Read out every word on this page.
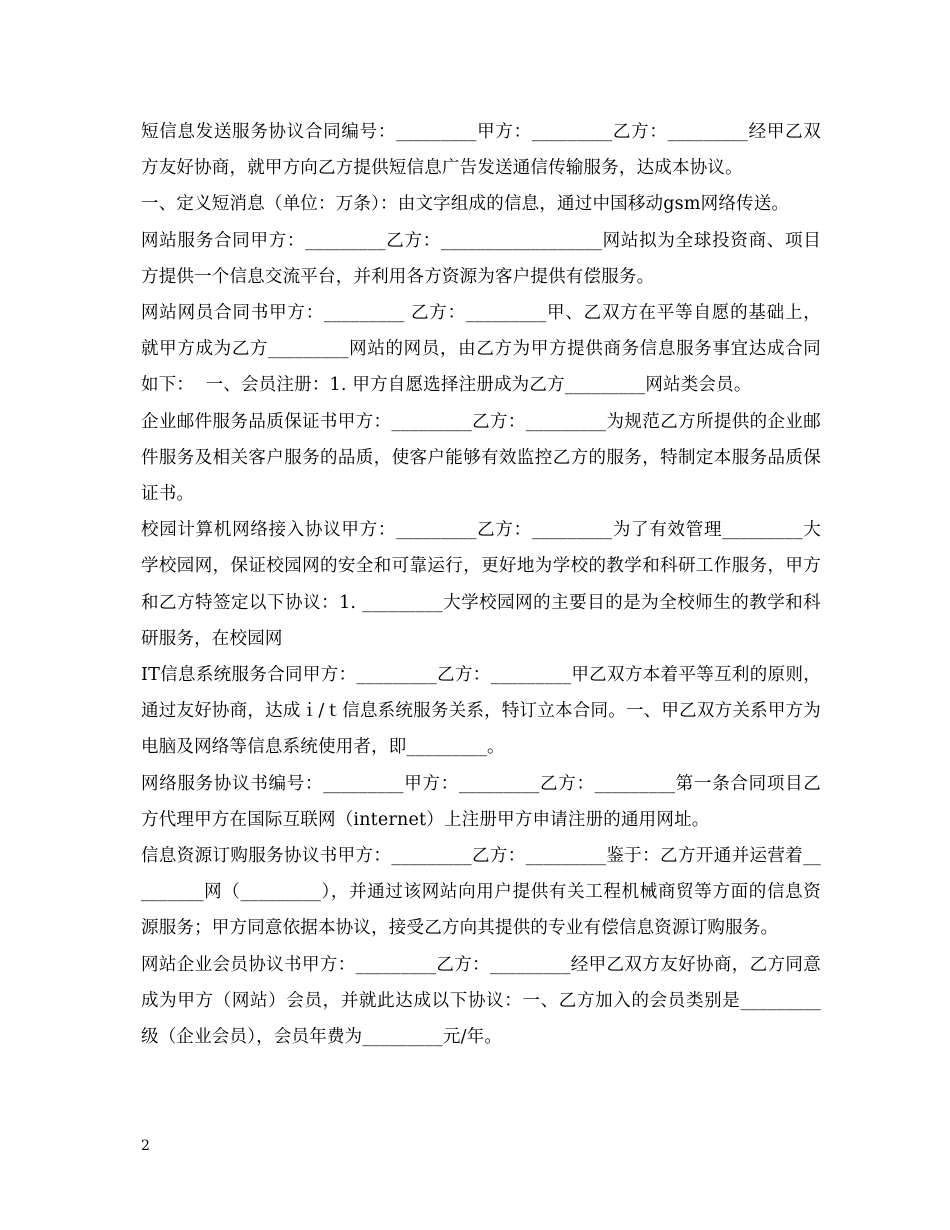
短信息发送服务协议合同编号：_________甲方：_________乙方：_________经甲乙双方友好协商，就甲方向乙方提供短信息广告发送通信传输服务，达成本协议。

一、定义短消息（单位：万条）：由文字组成的信息，通过中国移动gsm网络传送。

网站服务合同甲方：_________乙方：__________________网站拟为全球投资商、项目方提供一个信息交流平台，并利用各方资源为客户提供有偿服务。

网站网员合同书甲方：_________ 乙方：_________甲、乙双方在平等自愿的基础上，就甲方成为乙方_________网站的网员，由乙方为甲方提供商务信息服务事宜达成合同如下：  一、会员注册：1. 甲方自愿选择注册成为乙方_________网站类会员。

企业邮件服务品质保证书甲方：_________乙方：_________为规范乙方所提供的企业邮件服务及相关客户服务的品质，使客户能够有效监控乙方的服务，特制定本服务品质保证书。

校园计算机网络接入协议甲方：_________乙方：_________为了有效管理_________大学校园网，保证校园网的安全和可靠运行，更好地为学校的教学和科研工作服务，甲方和乙方特签定以下协议：1. _________大学校园网的主要目的是为全校师生的教学和科研服务，在校园网

IT信息系统服务合同甲方：_________乙方：_________甲乙双方本着平等互利的原则，通过友好协商，达成ｉ/ｔ信息系统服务关系，特订立本合同。一、甲乙双方关系甲方为电脑及网络等信息系统使用者，即_________。

网络服务协议书编号：_________甲方：_________乙方：_________第一条合同项目乙方代理甲方在国际互联网（internet）上注册甲方申请注册的通用网址。

信息资源订购服务协议书甲方：_________乙方：_________鉴于：乙方开通并运营着_________网（_________），并通过该网站向用户提供有关工程机械商贸等方面的信息资源服务；甲方同意依据本协议，接受乙方向其提供的专业有偿信息资源订购服务。

网站企业会员协议书甲方：_________乙方：_________经甲乙双方友好协商，乙方同意成为甲方（网站）会员，并就此达成以下协议：一、乙方加入的会员类别是_________级（企业会员），会员年费为_________元/年。

2
